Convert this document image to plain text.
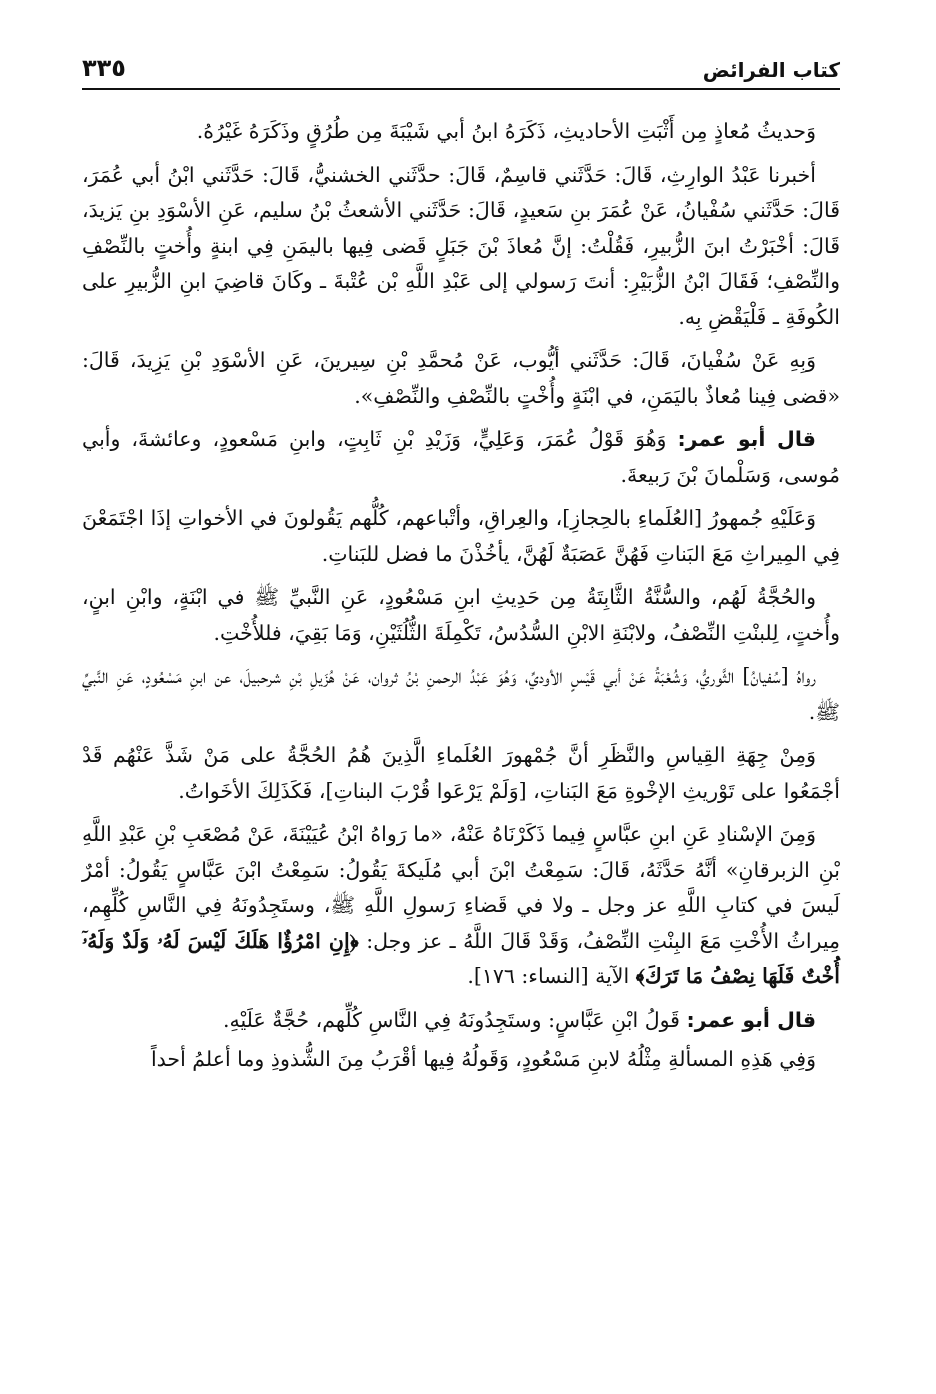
كتاب الفرائض
٣٣٥

وَحديثُ مُعاذٍ مِن أَثْبَتِ الأحاديثِ، ذَكَرَهُ ابنُ أبي شَيْبَةَ مِن طُرُقٍ وذَكَرَهُ غَيْرُهُ.

أخبرنا عَبْدُ الوارِثِ، قَالَ: حَدَّثَني قاسِمٌ، قَالَ: حدَّثَني الخشنيُّ، قَالَ: حَدَّثَني ابْنُ أبي عُمَرَ، قَالَ: حَدَّثَني سُفْيانُ، عَنْ عُمَرَ بنِ سَعيدٍ، قَالَ: حَدَّثَني الأشعثُ بْنُ سليم، عَنِ الأسْوَدِ بنِ يَزيدَ، قَالَ: أخْبَرْتُ ابنَ الزُّبيرِ، فَقُلْتُ: إنَّ مُعاذَ بْنَ جَبَلٍ قَضى فِيها باليمَنِ فِي ابنةٍ وأُختٍ بالنِّصْفِ والنِّصْفِ؛ فَقَالَ ابْنُ الزُّبَيْرِ: أنتَ رَسولي إلى عَبْدِ اللَّهِ بْن عُتْبةَ ـ وكَانَ قاضِيَ ابنِ الزُّبيرِ على الكُوفَةِ ـ فَلْيَقْضِ بِه.

وَبِهِ عَنْ سُفْيانَ، قَالَ: حَدَّثَني أيُّوب، عَنْ مُحمَّدِ بْنِ سِيرينَ، عَنِ الأسْوَدِ بْنِ يَزِيدَ، قَالَ: «قضى فِينا مُعاذٌ باليَمَنِ، في ابْنَةٍ وأُخْتٍ بالنِّصْفِ والنِّصْفِ».

قال أبو عمر: وَهُوَ قَوْلُ عُمَرَ، وَعَلِيٍّ، وَزَيْدِ بْنِ ثَابِتٍ، وابنِ مَسْعودٍ، وعائشةَ، وأبي مُوسى، وَسَلْمانَ بْنَ رَبيعةَ.

وَعَلَيْهِ جُمهورُ [العُلَماءِ بالحِجازِ]، والعِراقِ، وأتْباعهم، كُلُّهم يَقُولونَ في الأخواتِ إذَا اجْتَمَعْنَ فِي المِيراثِ مَعَ البَناتِ فَهُنَّ عَصَبَةٌ لَهُنَّ، يأخُذْنَ ما فضل للبَناتِ.

والحُجَّةُ لَهُم، والسُّنَّةُ الثَّابِتَةُ مِن حَدِيثِ ابنِ مَسْعُودٍ، عَنِ النَّبيِّ ﷺ في ابْنَةٍ، وابْنِ ابنٍ، وأُختٍ، لِلبنْتِ النِّصْفُ، ولابْنَةِ الابْنِ السُّدُسُ، تَكْمِلَةَ الثُّلُثَيْنِ، وَمَا بَقِيَ، فللأُخْتِ.

رواهُ [سُفيانُ] الثَّوريُّ، وَشُعْبَةُ عَنْ أبي قَيْسٍ الأوديِّ، وَهُوَ عَبْدُ الرحمنِ بْنُ ثروان، عَنْ هُزَيلِ بْنِ شرحبيلَ، عن ابنِ مَسْعُودٍ، عَنِ النَّبيِّ ﷺ.

وَمِنْ جِهَةِ القِياسِ والنَّظَرِ أنَّ جُمْهورَ العُلَماءِ الَّذِينَ هُمُ الحُجَّةُ على مَنْ شَذَّ عَنْهُم قَدْ أجْمَعُوا على تَوْريثِ الإخْوةِ مَعَ البَناتِ، [وَلَمْ يَرْعَوا قُرْبَ البناتِ]، فَكَذَلِكَ الأخَواتُ.

وَمِنَ الإسْنادِ عَنِ ابنِ عبَّاسٍ فِيما ذَكَرْنَاهُ عَنْهُ، «ما رَواهُ ابْنُ عُيَيْنَةَ، عَنْ مُصْعَبِ بْنِ عَبْدِ اللَّهِ بْنِ الزبرقانِ» أنَّهُ حَدَّثَهُ، قَالَ: سَمِعْتُ ابْنَ أبي مُلَيكةَ يَقُولُ: سَمِعْتُ ابْنَ عَبَّاسٍ يَقُولُ: أمْرٌ لَيسَ في كتابِ اللَّهِ عز وجل ـ ولا في قَضاءِ رَسولِ اللَّهِ ﷺ، وستَجِدُونَهُ فِي النَّاسِ كُلِّهِم، مِيراثُ الأُخْتِ مَعَ البِنْتِ النِّصْفُ، وَقَدْ قَالَ اللَّهُ ـ عز وجل: ﴿إِنِ امْرُؤٌا هَلَكَ لَيْسَ لَهُۥ وَلَدٌ وَلَهُۥٓ أُخْتٌ فَلَهَا نِصْفُ مَا تَرَكَ﴾ الآية [النساء: ١٧٦].

قال أبو عمر: قَولُ ابْنِ عَبَّاسٍ: وستَجِدُونَهُ فِي النَّاسِ كُلِّهم، حُجَّةٌ عَلَيْهِ.

وَفِي هَذِهِ المسألةِ مِثْلُهُ لابنِ مَسْعُودٍ، وَقَولُهُ فِيها أقْرَبُ مِنَ الشُّذوذِ وما أعلمُ أحداً
